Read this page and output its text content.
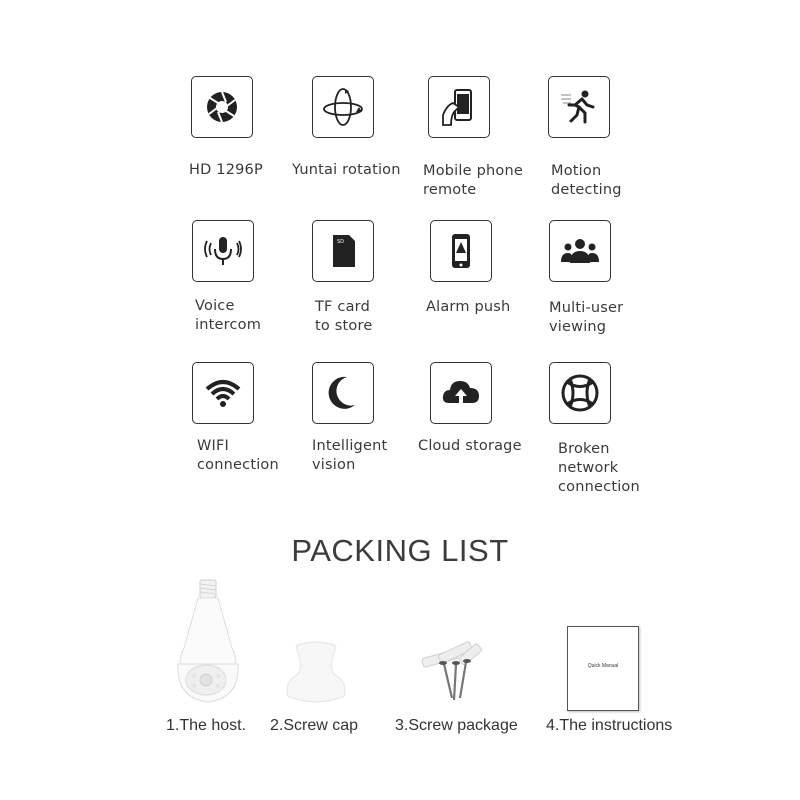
HD 1296P Yuntai rotation Mobile phone
remote
Motion
detecting
Voice
intercom
SD
TF card
to store
Alarm push	Multi-user
viewing
WIFI
connection
Intelligent
vision
Cloud storage	Broken
network
connection
PACKING LIST
1.The host. 2.Screw cap 3.Screw package
Quick Manual
4.The instructions
